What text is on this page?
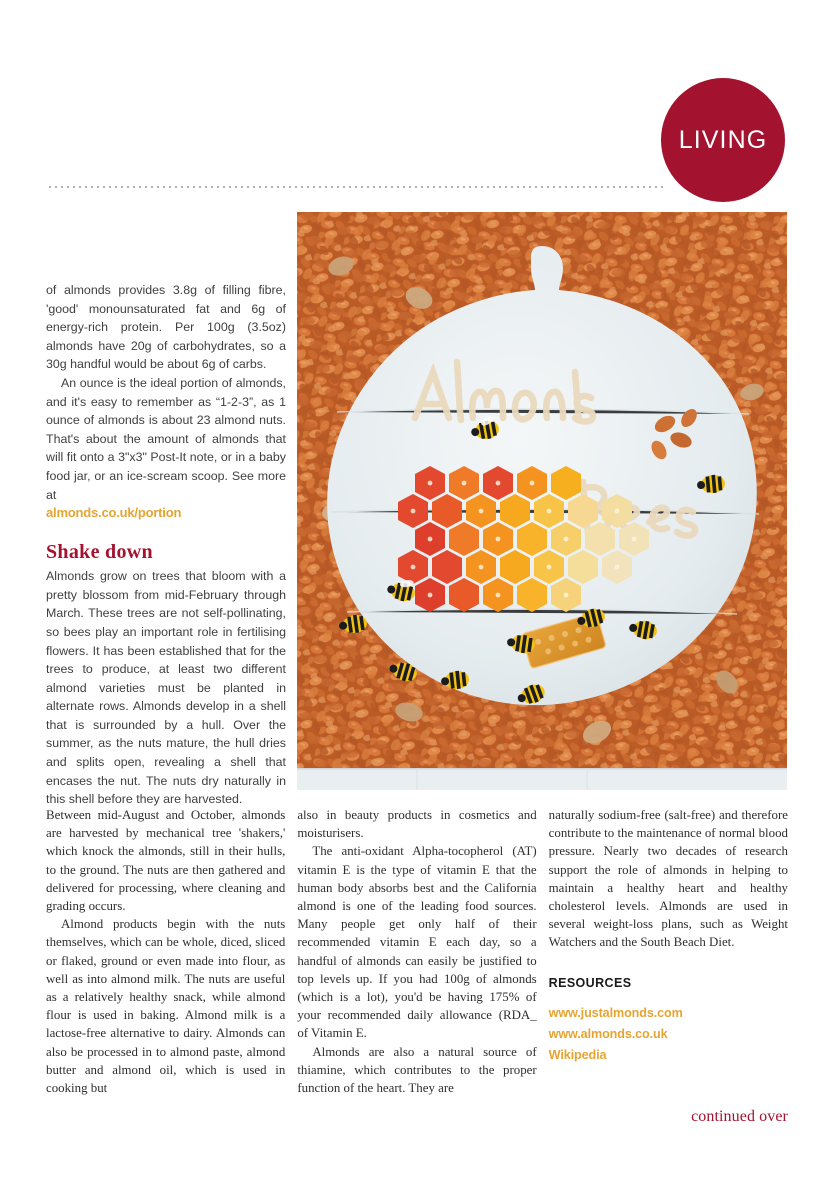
LIVING

of almonds provides 3.8g of filling fibre, 'good' monounsaturated fat and 6g of energy-rich protein. Per 100g (3.5oz) almonds have 20g of carbohydrates, so a 30g handful would be about 6g of carbs.

An ounce is the ideal portion of almonds, and it's easy to remember as “1-2-3”, as 1 ounce of almonds is about 23 almond nuts. That's about the amount of almonds that will fit onto a 3"x3" Post-It note, or in a baby food jar, or an ice-scream scoop. See more at

almonds.co.uk/portion
Shake down

Almonds grow on trees that bloom with a pretty blossom from mid-February through March. These trees are not self-pollinating, so bees play an important role in fertilising flowers. It has been established that for the trees to produce, at least two different almond varieties must be planted in alternate rows. Almonds develop in a shell that is surrounded by a hull. Over the summer, as the nuts mature, the hull dries and splits open, revealing a shell that encases the nut. The nuts dry naturally in this shell before they are harvested.

Between mid-August and October, almonds are harvested by mechanical tree 'shakers,' which knock the almonds, still in their hulls, to the ground. The nuts are then gathered and delivered for processing, where cleaning and grading occurs.

Almond products begin with the nuts themselves, which can be whole, diced, sliced or flaked, ground or even made into flour, as well as into almond milk. The nuts are useful as a relatively healthy snack, while almond flour is used in baking. Almond milk is a lactose-free alternative to dairy. Almonds can also be processed in to almond paste, almond butter and almond oil, which is used in cooking but

also in beauty products in cosmetics and moisturisers.

The anti-oxidant Alpha-tocopherol (AT) vitamin E is the type of vitamin E that the human body absorbs best and the California almond is one of the leading food sources. Many people get only half of their recommended vitamin E each day, so a handful of almonds can easily be justified to top levels up. If you had 100g of almonds (which is a lot), you'd be having 175% of your recommended daily allowance (RDA_ of Vitamin E.

Almonds are also a natural source of thiamine, which contributes to the proper function of the heart. They are

naturally sodium-free (salt-free) and therefore contribute to the maintenance of normal blood pressure. Nearly two decades of research support the role of almonds in helping to maintain a healthy heart and healthy cholesterol levels. Almonds are used in several weight-loss plans, such as Weight Watchers and the South Beach Diet.

RESOURCES
www.justalmonds.com
www.almonds.co.uk
Wikipedia
continued over
